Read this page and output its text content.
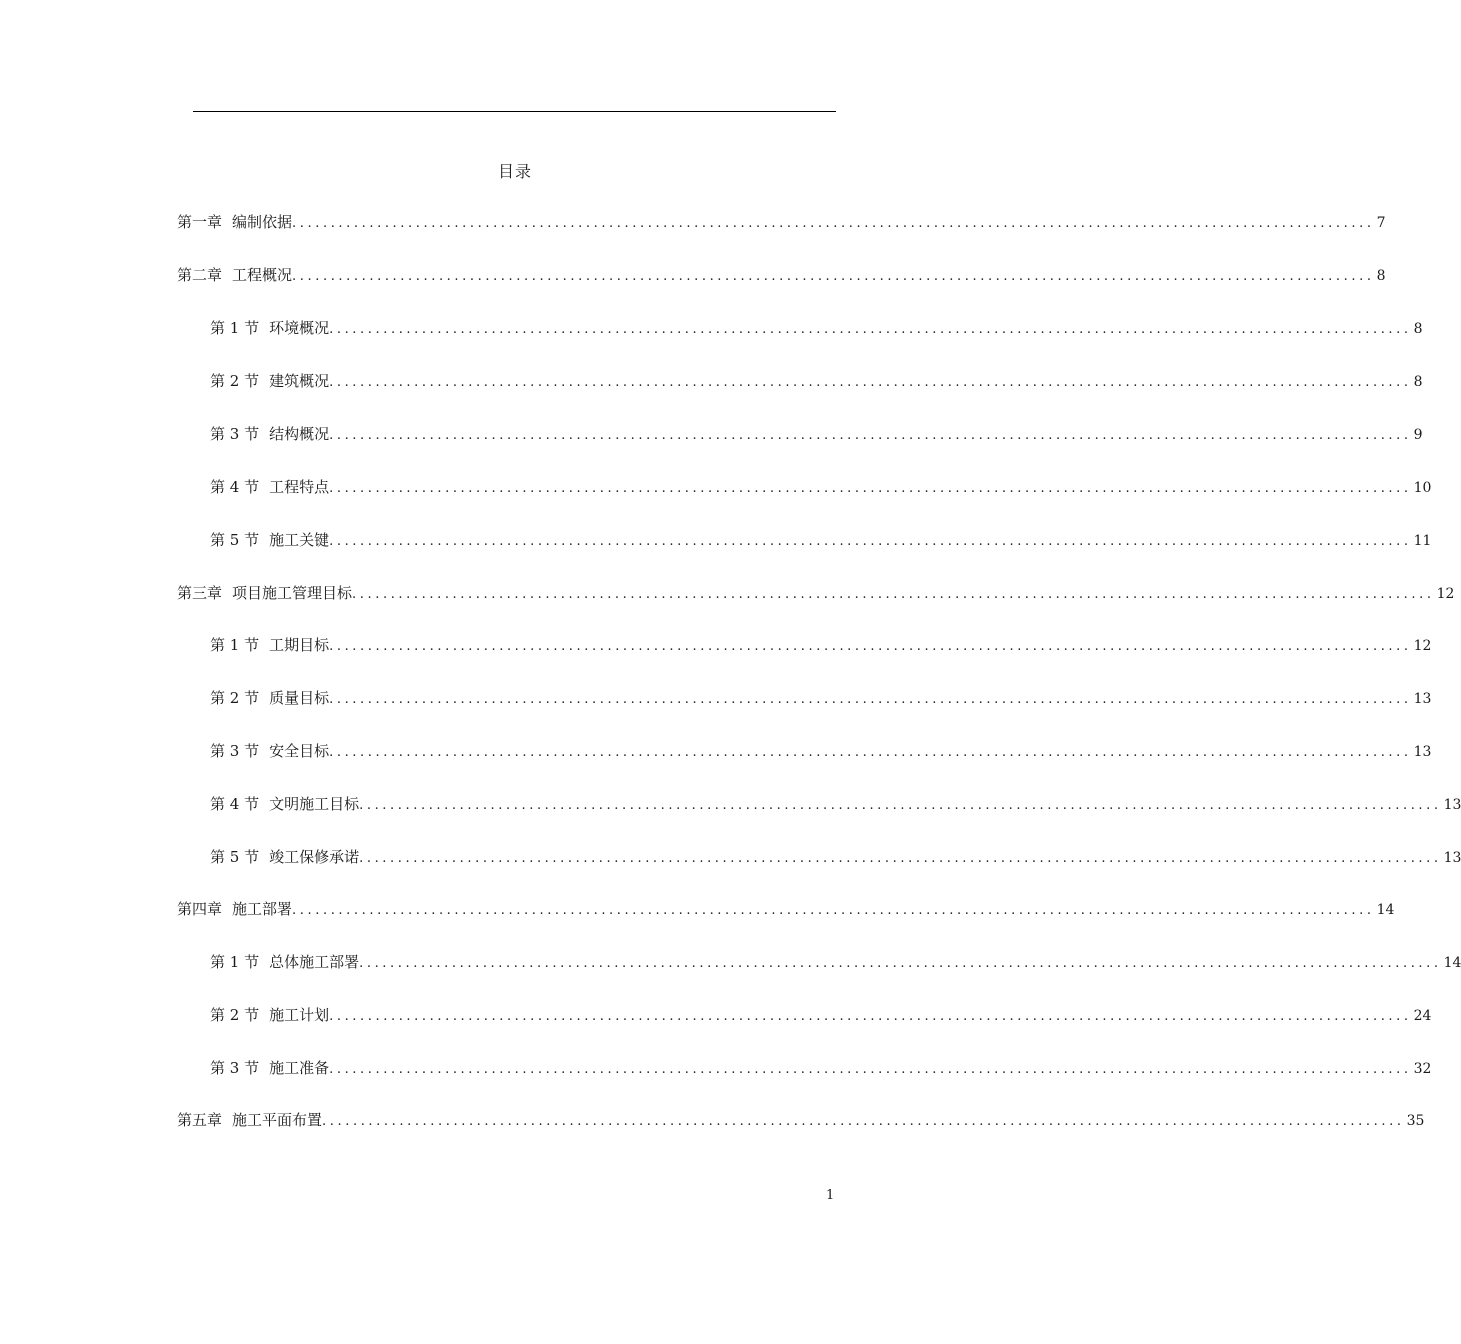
目录
第一章 编制依据 ............................................................................................................................................ 7
第二章 工程概况 ............................................................................................................................................ 8
第 1 节 环境概况 ............................................................................................................................................ 8
第 2 节 建筑概况 ............................................................................................................................................ 8
第 3 节 结构概况 ............................................................................................................................................ 9
第 4 节 工程特点 ............................................................................................................................................ 10
第 5 节 施工关键 ............................................................................................................................................ 11
第三章 项目施工管理目标 ............................................................................................................................................ 12
第 1 节 工期目标 ............................................................................................................................................ 12
第 2 节 质量目标 ............................................................................................................................................ 13
第 3 节 安全目标 ............................................................................................................................................ 13
第 4 节 文明施工目标 ............................................................................................................................................ 13
第 5 节 竣工保修承诺 ............................................................................................................................................ 13
第四章 施工部署 ............................................................................................................................................ 14
第 1 节 总体施工部署 ............................................................................................................................................ 14
第 2 节 施工计划 ............................................................................................................................................ 24
第 3 节 施工准备 ............................................................................................................................................ 32
第五章 施工平面布置 ............................................................................................................................................ 35
1
